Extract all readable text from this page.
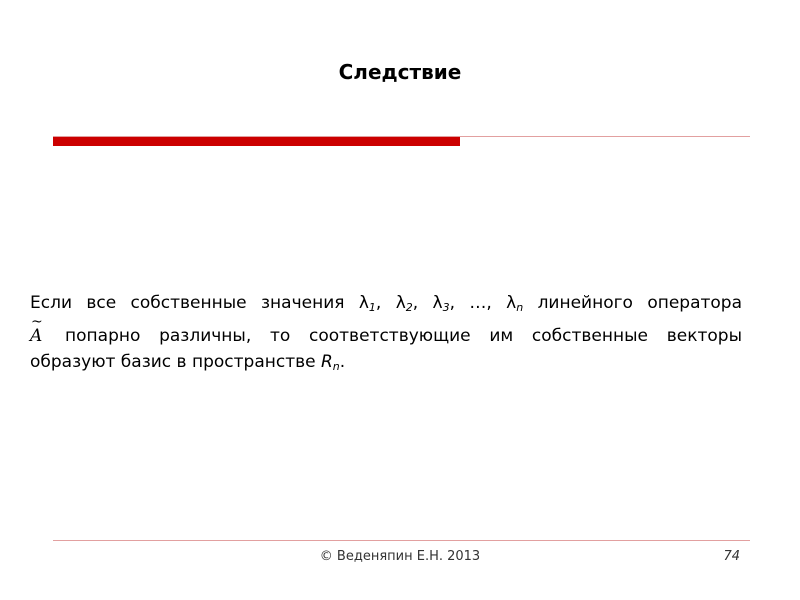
Следствие
Если все собственные значения $\lambda_1$, $\lambda_2$, $\lambda_3$, …, $\lambda_n$ линейного оператора
~
A попарно различны, то соответствующие им собственные векторы
образуют базис в пространстве $R_n$.
© Веденяпин Е.Н. 2013	74
